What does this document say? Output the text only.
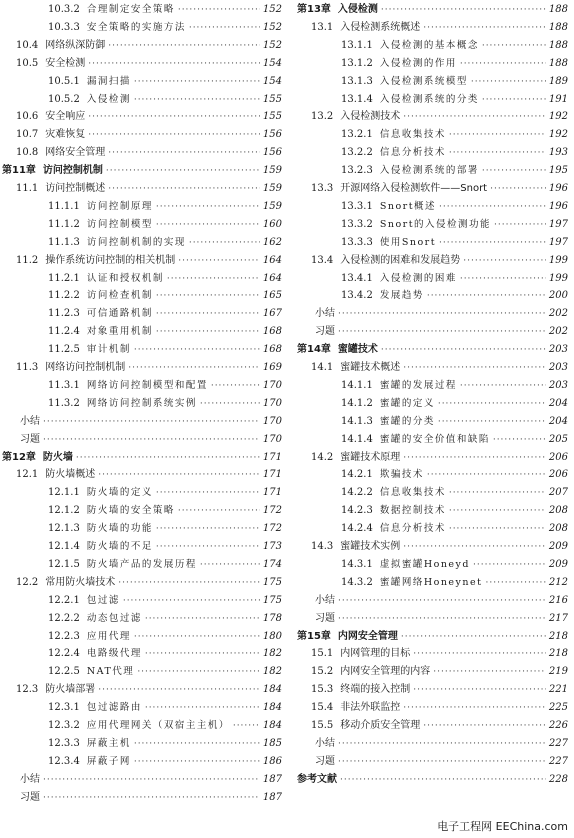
10.3.2 合理制定安全策略 ·····	152
10.3.3 安全策略的实施方法 ·····	152
10.4 网络纵深防御 ·····	152
10.5 安全检测 ·····	154
10.5.1 漏洞扫描 ·····	154
10.5.2 入侵检测 ·····	155
10.6 安全响应 ·····	155
10.7 灾难恢复 ·····	156
10.8 网络安全管理 ·····	156
第11章 访问控制机制 ·····	159
11.1 访问控制概述 ·····	159
11.1.1 访问控制原理 ·····	159
11.1.2 访问控制模型 ·····	160
11.1.3 访问控制机制的实现 ·····	162
11.2 操作系统访问控制的相关机制 ·····	164
11.2.1 认证和授权机制 ·····	164
11.2.2 访问检查机制 ·····	165
11.2.3 可信通路机制 ·····	167
11.2.4 对象重用机制 ·····	168
11.2.5 审计机制 ·····	168
11.3 网络访问控制机制 ·····	169
11.3.1 网络访问控制模型和配置 ·····	170
11.3.2 网络访问控制系统实例 ·····	170
小结 ·····	170
习题 ·····	170
第12章 防火墙 ·····	171
12.1 防火墙概述 ·····	171
12.1.1 防火墙的定义 ·····	171
12.1.2 防火墙的安全策略 ·····	172
12.1.3 防火墙的功能 ·····	172
12.1.4 防火墙的不足 ·····	173
12.1.5 防火墙产品的发展历程 ·····	174
12.2 常用防火墙技术 ·····	175
12.2.1 包过滤 ·····	175
12.2.2 动态包过滤 ·····	178
12.2.3 应用代理 ·····	180
12.2.4 电路级代理 ·····	182
12.2.5 NAT代理 ·····	182
12.3 防火墙部署 ·····	184
12.3.1 包过滤路由 ·····	184
12.3.2 应用代理网关（双宿主主机） ·····	184
12.3.3 屏蔽主机 ·····	185
12.3.4 屏蔽子网 ·····	186
小结 ·····	187
习题 ·····	187
第13章 入侵检测 ·····	188
13.1 入侵检测系统概述 ·····	188
13.1.1 入侵检测的基本概念 ·····	188
13.1.2 入侵检测的作用 ·····	188
13.1.3 入侵检测系统模型 ·····	189
13.1.4 入侵检测系统的分类 ·····	191
13.2 入侵检测技术 ·····	192
13.2.1 信息收集技术 ·····	192
13.2.2 信息分析技术 ·····	193
13.2.3 入侵检测系统的部署 ·····	195
13.3 开源网络入侵检测软件——Snort ·····	196
13.3.1 Snort概述 ·····	196
13.3.2 Snort的入侵检测功能 ·····	197
13.3.3 使用Snort ·····	197
13.4 入侵检测的困难和发展趋势 ·····	199
13.4.1 入侵检测的困难 ·····	199
13.4.2 发展趋势 ·····	200
小结 ·····	202
习题 ·····	202
第14章 蜜罐技术 ·····	203
14.1 蜜罐技术概述 ·····	203
14.1.1 蜜罐的发展过程 ·····	203
14.1.2 蜜罐的定义 ·····	204
14.1.3 蜜罐的分类 ·····	204
14.1.4 蜜罐的安全价值和缺陷 ·····	205
14.2 蜜罐技术原理 ·····	206
14.2.1 欺骗技术 ·····	206
14.2.2 信息收集技术 ·····	207
14.2.3 数据控制技术 ·····	208
14.2.4 信息分析技术 ·····	208
14.3 蜜罐技术实例 ·····	209
14.3.1 虚拟蜜罐Honeyd ·····	209
14.3.2 蜜罐网络Honeynet ·····	212
小结 ·····	216
习题 ·····	217
第15章 内网安全管理 ·····	218
15.1 内网管理的目标 ·····	218
15.2 内网安全管理的内容 ·····	219
15.3 终端的接入控制 ·····	221
15.4 非法外联监控 ·····	225
15.5 移动介质安全管理 ·····	226
小结 ·····	227
习题 ·····	227
参考文献 ·····	228
电子工程网 EEChina.com
